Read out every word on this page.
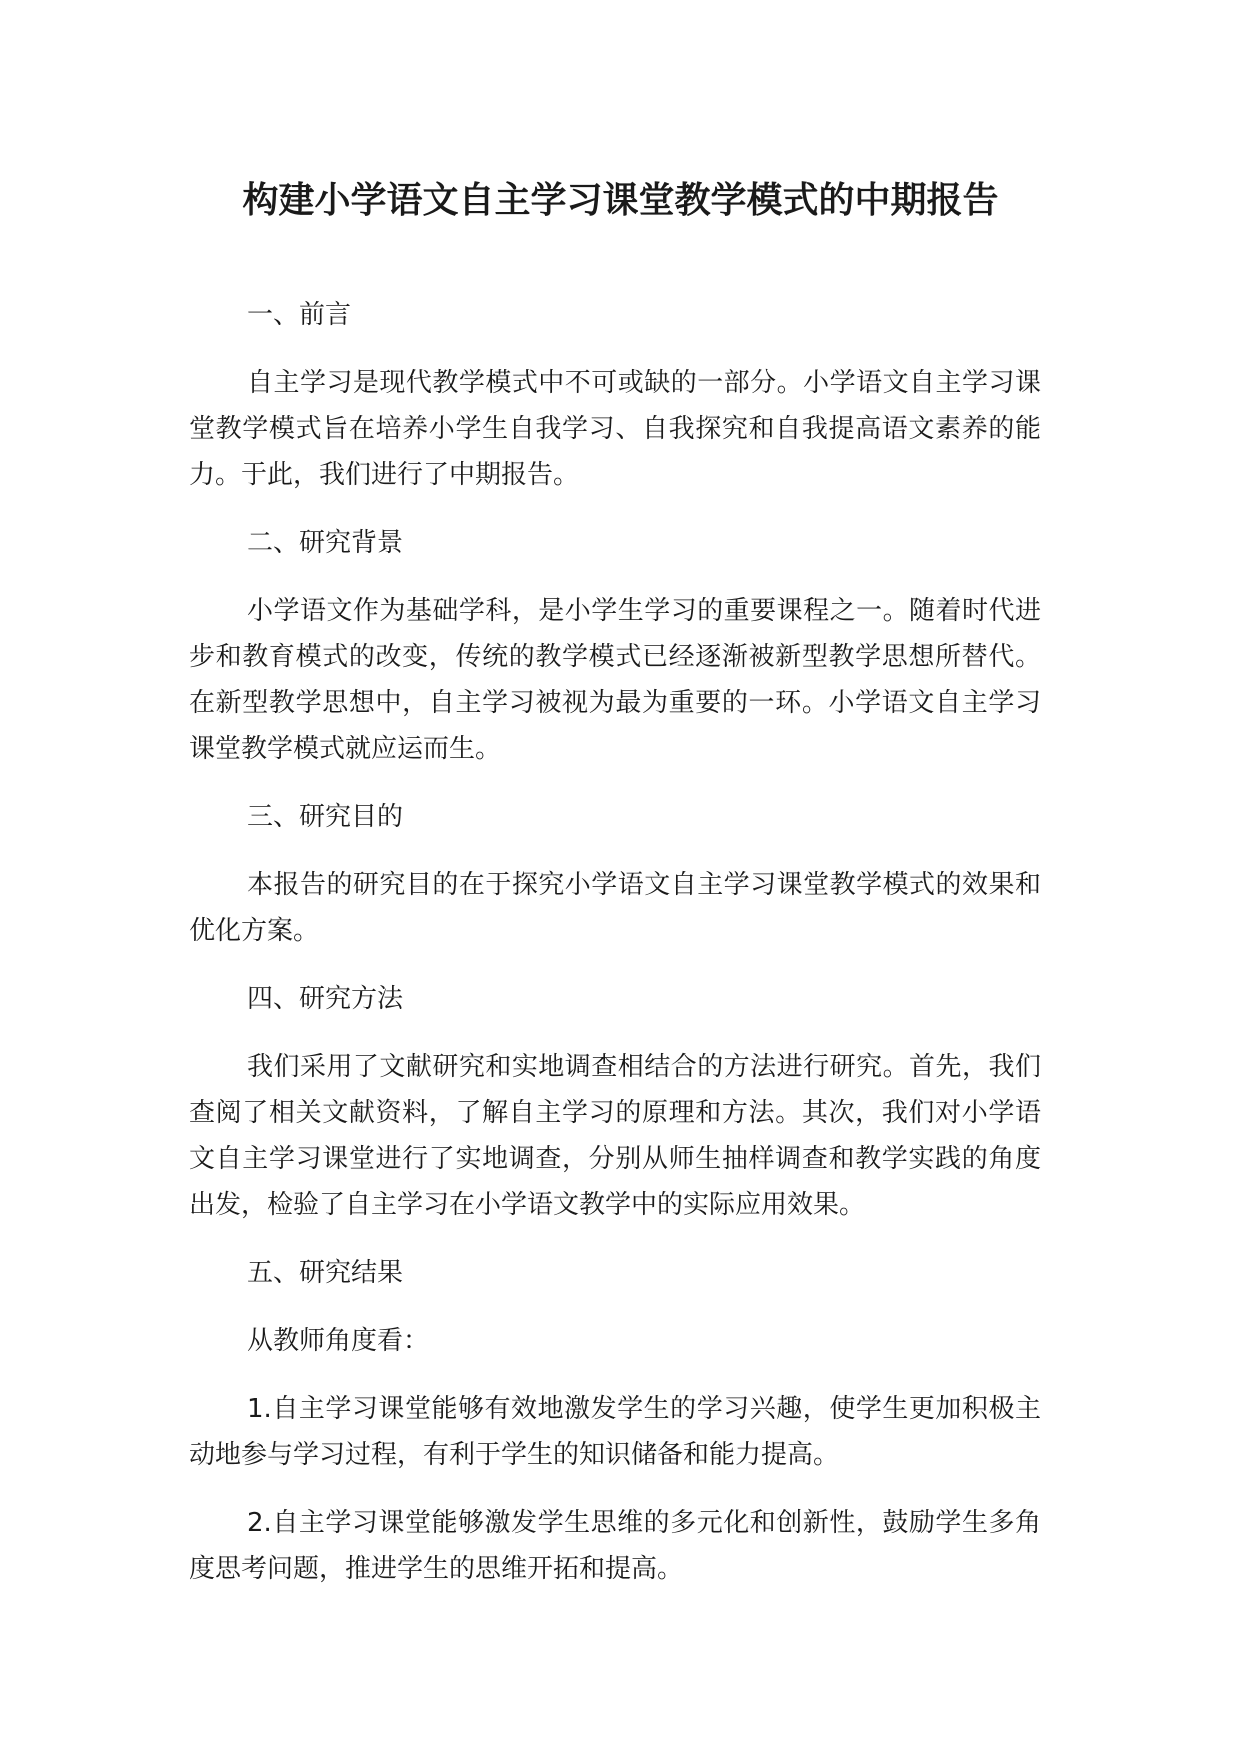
构建小学语文自主学习课堂教学模式的中期报告
一、前言
自主学习是现代教学模式中不可或缺的一部分。小学语文自主学习课堂教学模式旨在培养小学生自我学习、自我探究和自我提高语文素养的能力。于此，我们进行了中期报告。
二、研究背景
小学语文作为基础学科，是小学生学习的重要课程之一。随着时代进步和教育模式的改变，传统的教学模式已经逐渐被新型教学思想所替代。在新型教学思想中，自主学习被视为最为重要的一环。小学语文自主学习课堂教学模式就应运而生。
三、研究目的
本报告的研究目的在于探究小学语文自主学习课堂教学模式的效果和优化方案。
四、研究方法
我们采用了文献研究和实地调查相结合的方法进行研究。首先，我们查阅了相关文献资料，了解自主学习的原理和方法。其次，我们对小学语文自主学习课堂进行了实地调查，分别从师生抽样调查和教学实践的角度出发，检验了自主学习在小学语文教学中的实际应用效果。
五、研究结果
从教师角度看：
1.自主学习课堂能够有效地激发学生的学习兴趣，使学生更加积极主动地参与学习过程，有利于学生的知识储备和能力提高。
2.自主学习课堂能够激发学生思维的多元化和创新性，鼓励学生多角度思考问题，推进学生的思维开拓和提高。
